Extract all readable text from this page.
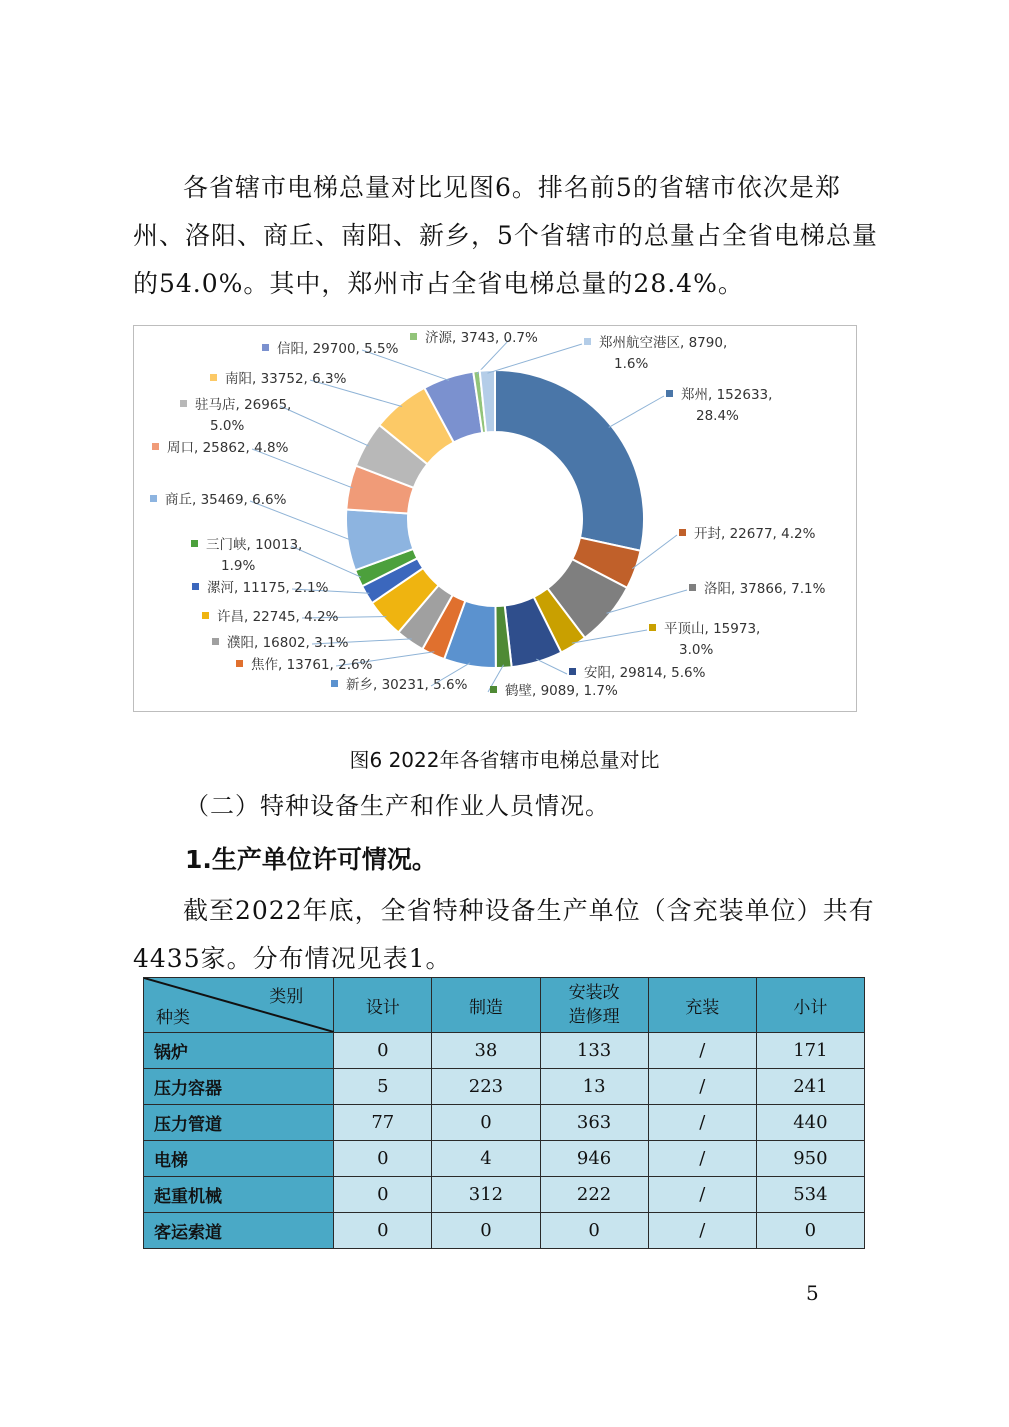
各省辖市电梯总量对比见图6。排名前5的省辖市依次是郑州、洛阳、商丘、南阳、新乡，5个省辖市的总量占全省电梯总量的54.0%。其中，郑州市占全省电梯总量的28.4%。
郑州, 152633, 28.4%
开封, 22677, 4.2%
洛阳, 37866, 7.1%
平顶山, 15973, 3.0%
安阳, 29814, 5.6%
鹤壁, 9089, 1.7%
新乡, 30231, 5.6%
焦作, 13761, 2.6%
濮阳, 16802, 3.1%
许昌, 22745, 4.2%
漯河, 11175, 2.1%
三门峡, 10013, 1.9%
商丘, 35469, 6.6%
周口, 25862, 4.8%
驻马店, 26965, 5.0%
南阳, 33752, 6.3%
信阳, 29700, 5.5%
济源, 3743, 0.7%	郑州航空港区, 8790, 1.6%
图6 2022年各省辖市电梯总量对比
（二）特种设备生产和作业人员情况。
1.生产单位许可情况。
截至2022年底，全省特种设备生产单位（含充装单位）共有4435家。分布情况见表1。
类别
种类	设计	制造	安装改造修理	充装	小计
锅炉	0	38	133	/	171
压力容器	5	223	13	/	241
压力管道	77	0	363	/	440
电梯	0	4	946	/	950
起重机械	0	312	222	/	534
客运索道	0	0	0	/	0
5
